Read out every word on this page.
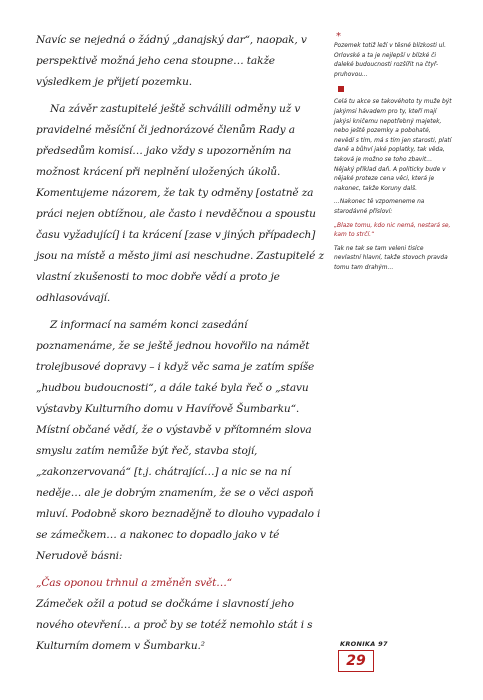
Navíc se nejedná o žádný „danajský dar“, naopak, v perspektivě možná jeho cena stoupne… takže výsledkem je přijetí pozemku.

Na závěr zastupitelé ještě schválili odměny už v pravidelné měsíční či jednorázové členům Rady a předsedům komisí… jako vždy s upozorněním na možnost krácení při neplnění uložených úkolů. Komentujeme názorem, že tak ty odměny [ostatně za práci nejen obtížnou, ale často i nevděčnou a spoustu času vyžadující] i ta krácení [zase v jiných případech] jsou na místě a město jimi asi neschudne. Zastupitelé z vlastní zkušenosti to moc dobře vědí a proto je odhlasovávají.

Z informací na samém konci zasedání poznamenáme, že se ještě jednou hovořilo na námět trolejbusové dopravy – i když věc sama je zatím spíše „hudbou budoucnosti“, a dále také byla řeč o „stavu výstavby Kulturního domu v Havířově Šumbarku“. Místní občané vědí, že o výstavbě v přítomném slova smyslu zatím nemůže být řeč, stavba stojí, „zakonzervovaná“ [t.j. chátrající…] a nic se na ní neděje… ale je dobrým znamením, že se o věci aspoň mluví. Podobně skoro beznadějně to dlouho vypadalo i se zámečkem… a nakonec to dopadlo jako v té Nerudově básni:

„Čas oponou trhnul a změněn svět…“

Zámeček ožil a potud se dočkáme i slavností jeho nového otevření… a proč by se totéž nemohlo stát i s Kulturním domem v Šumbarku.²

*

Pozemek totiž leží v těsné blízkosti ul. Orlovské a ta je nejlepší v blízké či daleké budoucnosti rozšířit na čtyř-pruhovou…

Celá tu akce se takovéhoto ty muže být jakýmsi hávadem pro ty, kteří mají jakýsi kničemu nepotřebný majetek, nebo ještě pozemky a pobohaté, nevědí s tím, má s tím jen starosti, platí daně a bůhví jaké poplatky, tak věda, taková je možno se toho zbavit… Nějaký příklad daň. A politicky bude v nějaké proteze cena věci, která je nakonec, takže Koruny dalš.

…Nakonec tě vzpomeneme na starodávné přísloví:

„Blaze tomu, kdo nic nemá, nestará se, kam to strčí.“

Tak ne tak se tam veleni tisíce nevlastní hlavní, takže stovoch pravda tomu tam drahým…

KRONIKA 97
29
